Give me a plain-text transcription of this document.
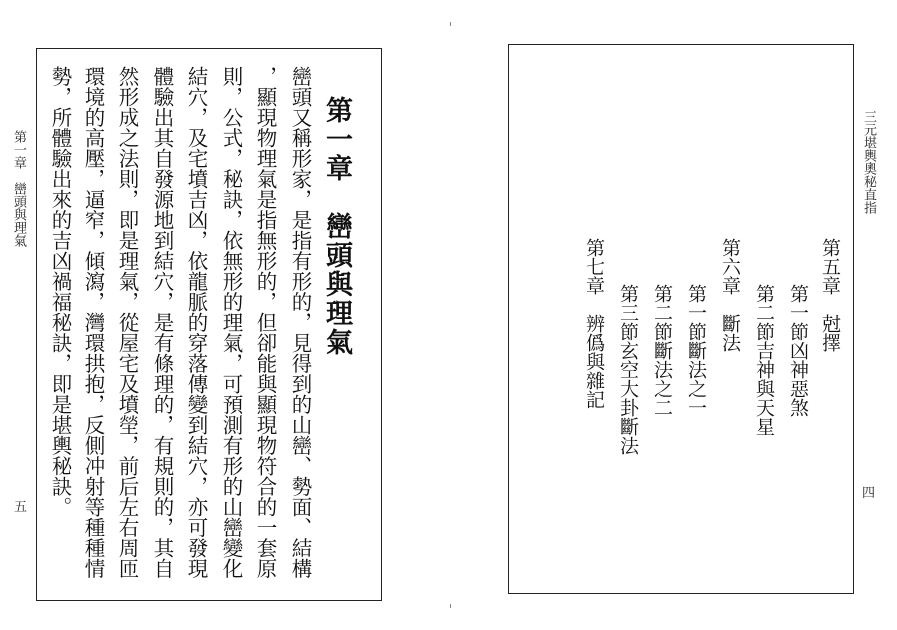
第一章　巒頭與理氣
五
第一章　巒頭與理氣
巒頭又稱形家，是指有形的，見得到的山巒、勢面、結構
，顯現物理氣是指無形的，但卻能與顯現物符合的一套原
則，公式，秘訣，依無形的理氣，可預測有形的山巒變化
結穴，及宅墳吉凶，依龍脈的穿落傳變到結穴，亦可發現
體驗出其自發源地到結穴，是有條理的，有規則的，其自
然形成之法則，即是理氣，從屋宅及墳塋，前后左右周匝
環境的高壓，逼窄，傾瀉，灣環拱抱，反側冲射等種種情
勢，所體驗出來的吉凶禍福秘訣，即是堪輿秘訣。	第五章　尅擇
第一節凶神惡煞
第二節吉神與天星
第六章　斷法
第一節斷法之一
第二節斷法之二
第三節玄空大卦斷法
第七章　辨僞與雜記
三元堪輿奧秘直指
四
